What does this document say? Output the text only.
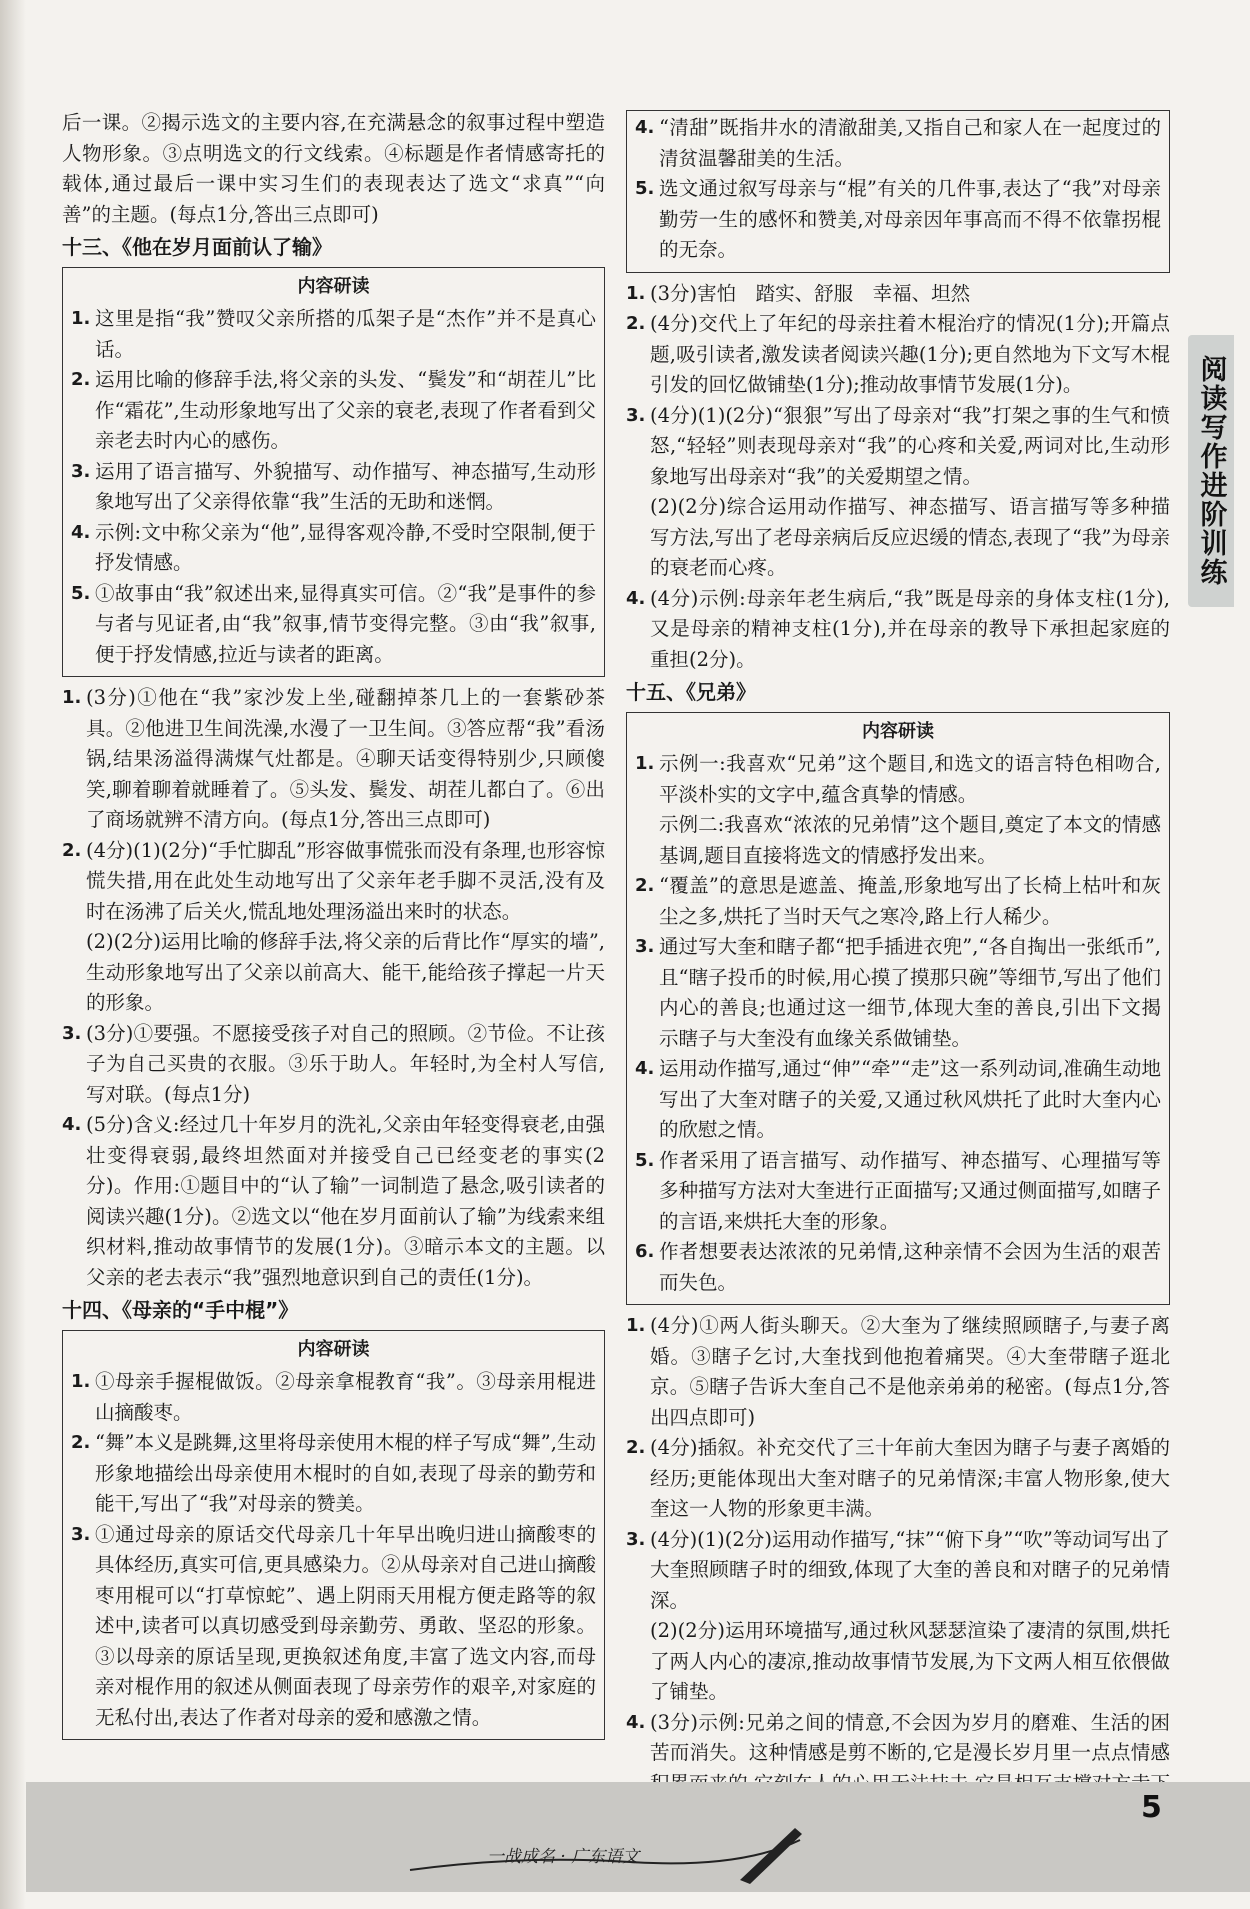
后一课。②揭示选文的主要内容,在充满悬念的叙事过程中塑造人物形象。③点明选文的行文线索。④标题是作者情感寄托的载体,通过最后一课中实习生们的表现表达了选文“求真”“向善”的主题。(每点1分,答出三点即可)

十三、《他在岁月面前认了输》
内容研读
1. 这里是指“我”赞叹父亲所搭的瓜架子是“杰作”并不是真心话。
2. 运用比喻的修辞手法,将父亲的头发、“鬓发”和“胡茬儿”比作“霜花”,生动形象地写出了父亲的衰老,表现了作者看到父亲老去时内心的感伤。
3. 运用了语言描写、外貌描写、动作描写、神态描写,生动形象地写出了父亲得依靠“我”生活的无助和迷惘。
4. 示例:文中称父亲为“他”,显得客观冷静,不受时空限制,便于抒发情感。
5. ①故事由“我”叙述出来,显得真实可信。②“我”是事件的参与者与见证者,由“我”叙事,情节变得完整。③由“我”叙事,便于抒发情感,拉近与读者的距离。
1. (3分)①他在“我”家沙发上坐,碰翻掉茶几上的一套紫砂茶具。②他进卫生间洗澡,水漫了一卫生间。③答应帮“我”看汤锅,结果汤溢得满煤气灶都是。④聊天话变得特别少,只顾傻笑,聊着聊着就睡着了。⑤头发、鬓发、胡茬儿都白了。⑥出了商场就辨不清方向。(每点1分,答出三点即可)
2. (4分)(1)(2分)“手忙脚乱”形容做事慌张而没有条理,也形容惊慌失措,用在此处生动地写出了父亲年老手脚不灵活,没有及时在汤沸了后关火,慌乱地处理汤溢出来时的状态。

(2)(2分)运用比喻的修辞手法,将父亲的后背比作“厚实的墙”,生动形象地写出了父亲以前高大、能干,能给孩子撑起一片天的形象。

3. (3分)①要强。不愿接受孩子对自己的照顾。②节俭。不让孩子为自己买贵的衣服。③乐于助人。年轻时,为全村人写信,写对联。(每点1分)
4. (5分)含义:经过几十年岁月的洗礼,父亲由年轻变得衰老,由强壮变得衰弱,最终坦然面对并接受自己已经变老的事实(2分)。作用:①题目中的“认了输”一词制造了悬念,吸引读者的阅读兴趣(1分)。②选文以“他在岁月面前认了输”为线索来组织材料,推动故事情节的发展(1分)。③暗示本文的主题。以父亲的老去表示“我”强烈地意识到自己的责任(1分)。
十四、《母亲的“手中棍”》
内容研读
1. ①母亲手握棍做饭。②母亲拿棍教育“我”。③母亲用棍进山摘酸枣。
2. “舞”本义是跳舞,这里将母亲使用木棍的样子写成“舞”,生动形象地描绘出母亲使用木棍时的自如,表现了母亲的勤劳和能干,写出了“我”对母亲的赞美。
3. ①通过母亲的原话交代母亲几十年早出晚归进山摘酸枣的具体经历,真实可信,更具感染力。②从母亲对自己进山摘酸枣用棍可以“打草惊蛇”、遇上阴雨天用棍方便走路等的叙述中,读者可以真切感受到母亲勤劳、勇敢、坚忍的形象。③以母亲的原话呈现,更换叙述角度,丰富了选文内容,而母亲对棍作用的叙述从侧面表现了母亲劳作的艰辛,对家庭的无私付出,表达了作者对母亲的爱和感激之情。
4. “清甜”既指井水的清澈甜美,又指自己和家人在一起度过的清贫温馨甜美的生活。
5. 选文通过叙写母亲与“棍”有关的几件事,表达了“我”对母亲勤劳一生的感怀和赞美,对母亲因年事高而不得不依靠拐棍的无奈。
1. (3分)害怕　踏实、舒服　幸福、坦然
2. (4分)交代上了年纪的母亲拄着木棍治疗的情况(1分);开篇点题,吸引读者,激发读者阅读兴趣(1分);更自然地为下文写木棍引发的回忆做铺垫(1分);推动故事情节发展(1分)。
3. (4分)(1)(2分)“狠狠”写出了母亲对“我”打架之事的生气和愤怒,“轻轻”则表现母亲对“我”的心疼和关爱,两词对比,生动形象地写出母亲对“我”的关爱期望之情。

(2)(2分)综合运用动作描写、神态描写、语言描写等多种描写方法,写出了老母亲病后反应迟缓的情态,表现了“我”为母亲的衰老而心疼。

4. (4分)示例:母亲年老生病后,“我”既是母亲的身体支柱(1分),又是母亲的精神支柱(1分),并在母亲的教导下承担起家庭的重担(2分)。
十五、《兄弟》
内容研读
1. 示例一:我喜欢“兄弟”这个题目,和选文的语言特色相吻合,平淡朴实的文字中,蕴含真挚的情感。

示例二:我喜欢“浓浓的兄弟情”这个题目,奠定了本文的情感基调,题目直接将选文的情感抒发出来。

2. “覆盖”的意思是遮盖、掩盖,形象地写出了长椅上枯叶和灰尘之多,烘托了当时天气之寒冷,路上行人稀少。
3. 通过写大奎和瞎子都“把手插进衣兜”,“各自掏出一张纸币”,且“瞎子投币的时候,用心摸了摸那只碗”等细节,写出了他们内心的善良;也通过这一细节,体现大奎的善良,引出下文揭示瞎子与大奎没有血缘关系做铺垫。
4. 运用动作描写,通过“伸”“牵”“走”这一系列动词,准确生动地写出了大奎对瞎子的关爱,又通过秋风烘托了此时大奎内心的欣慰之情。
5. 作者采用了语言描写、动作描写、神态描写、心理描写等多种描写方法对大奎进行正面描写;又通过侧面描写,如瞎子的言语,来烘托大奎的形象。
6. 作者想要表达浓浓的兄弟情,这种亲情不会因为生活的艰苦而失色。
1. (4分)①两人街头聊天。②大奎为了继续照顾瞎子,与妻子离婚。③瞎子乞讨,大奎找到他抱着痛哭。④大奎带瞎子逛北京。⑤瞎子告诉大奎自己不是他亲弟弟的秘密。(每点1分,答出四点即可)
2. (4分)插叙。补充交代了三十年前大奎因为瞎子与妻子离婚的经历;更能体现出大奎对瞎子的兄弟情深;丰富人物形象,使大奎这一人物的形象更丰满。
3. (4分)(1)(2分)运用动作描写,“抹”“俯下身”“吹”等动词写出了大奎照顾瞎子时的细致,体现了大奎的善良和对瞎子的兄弟情深。

(2)(2分)运用环境描写,通过秋风瑟瑟渲染了凄清的氛围,烘托了两人内心的凄凉,推动故事情节发展,为下文两人相互依偎做了铺垫。

4. (3分)示例:兄弟之间的情意,不会因为岁月的磨难、生活的困苦而消失。这种情感是剪不断的,它是漫长岁月里一点点情感
阅读写作进阶训练
一战成名 · 广东语文
5
